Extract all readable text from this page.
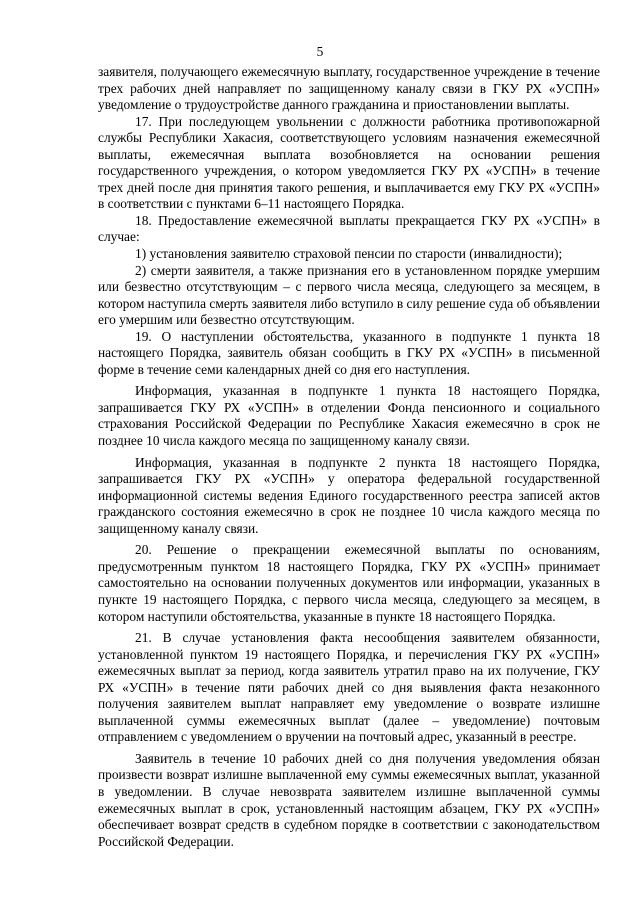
5

заявителя, получающего ежемесячную выплату, государственное учреждение в течение трех рабочих дней направляет по защищенному каналу связи в ГКУ РХ «УСПН» уведомление о трудоустройстве данного гражданина и приостановлении выплаты.

17. При последующем увольнении с должности работника противопожарной службы Республики Хакасия, соответствующего условиям назначения ежемесячной выплаты, ежемесячная выплата возобновляется на основании решения государственного учреждения, о котором уведомляется ГКУ РХ «УСПН» в течение трех дней после дня принятия такого решения, и выплачивается ему ГКУ РХ «УСПН» в соответствии с пунктами 6–11 настоящего Порядка.

18. Предоставление ежемесячной выплаты прекращается ГКУ РХ «УСПН» в случае:

1) установления заявителю страховой пенсии по старости (инвалидности);

2) смерти заявителя, а также признания его в установленном порядке умершим или безвестно отсутствующим – с первого числа месяца, следующего за месяцем, в котором наступила смерть заявителя либо вступило в силу решение суда об объявлении его умершим или безвестно отсутствующим.

19. О наступлении обстоятельства, указанного в подпункте 1 пункта 18 настоящего Порядка, заявитель обязан сообщить в ГКУ РХ «УСПН» в письменной форме в течение семи календарных дней со дня его наступления.

Информация, указанная в подпункте 1 пункта 18 настоящего Порядка, запрашивается ГКУ РХ «УСПН» в отделении Фонда пенсионного и социального страхования Российской Федерации по Республике Хакасия ежемесячно в срок не позднее 10 числа каждого месяца по защищенному каналу связи.

Информация, указанная в подпункте 2 пункта 18 настоящего Порядка, запрашивается ГКУ РХ «УСПН» у оператора федеральной государственной информационной системы ведения Единого государственного реестра записей актов гражданского состояния ежемесячно в срок не позднее 10 числа каждого месяца по защищенному каналу связи.

20. Решение о прекращении ежемесячной выплаты по основаниям, предусмотренным пунктом 18 настоящего Порядка, ГКУ РХ «УСПН» принимает самостоятельно на основании полученных документов или информации, указанных в пункте 19 настоящего Порядка, с первого числа месяца, следующего за месяцем, в котором наступили обстоятельства, указанные в пункте 18 настоящего Порядка.

21. В случае установления факта несообщения заявителем обязанности, установленной пунктом 19 настоящего Порядка, и перечисления ГКУ РХ «УСПН» ежемесячных выплат за период, когда заявитель утратил право на их получение, ГКУ РХ «УСПН» в течение пяти рабочих дней со дня выявления факта незаконного получения заявителем выплат направляет ему уведомление о возврате излишне выплаченной суммы ежемесячных выплат (далее – уведомление) почтовым отправлением с уведомлением о вручении на почтовый адрес, указанный в реестре.

Заявитель в течение 10 рабочих дней со дня получения уведомления обязан произвести возврат излишне выплаченной ему суммы ежемесячных выплат, указанной в уведомлении. В случае невозврата заявителем излишне выплаченной суммы ежемесячных выплат в срок, установленный настоящим абзацем, ГКУ РХ «УСПН» обеспечивает возврат средств в судебном порядке в соответствии с законодательством Российской Федерации.
